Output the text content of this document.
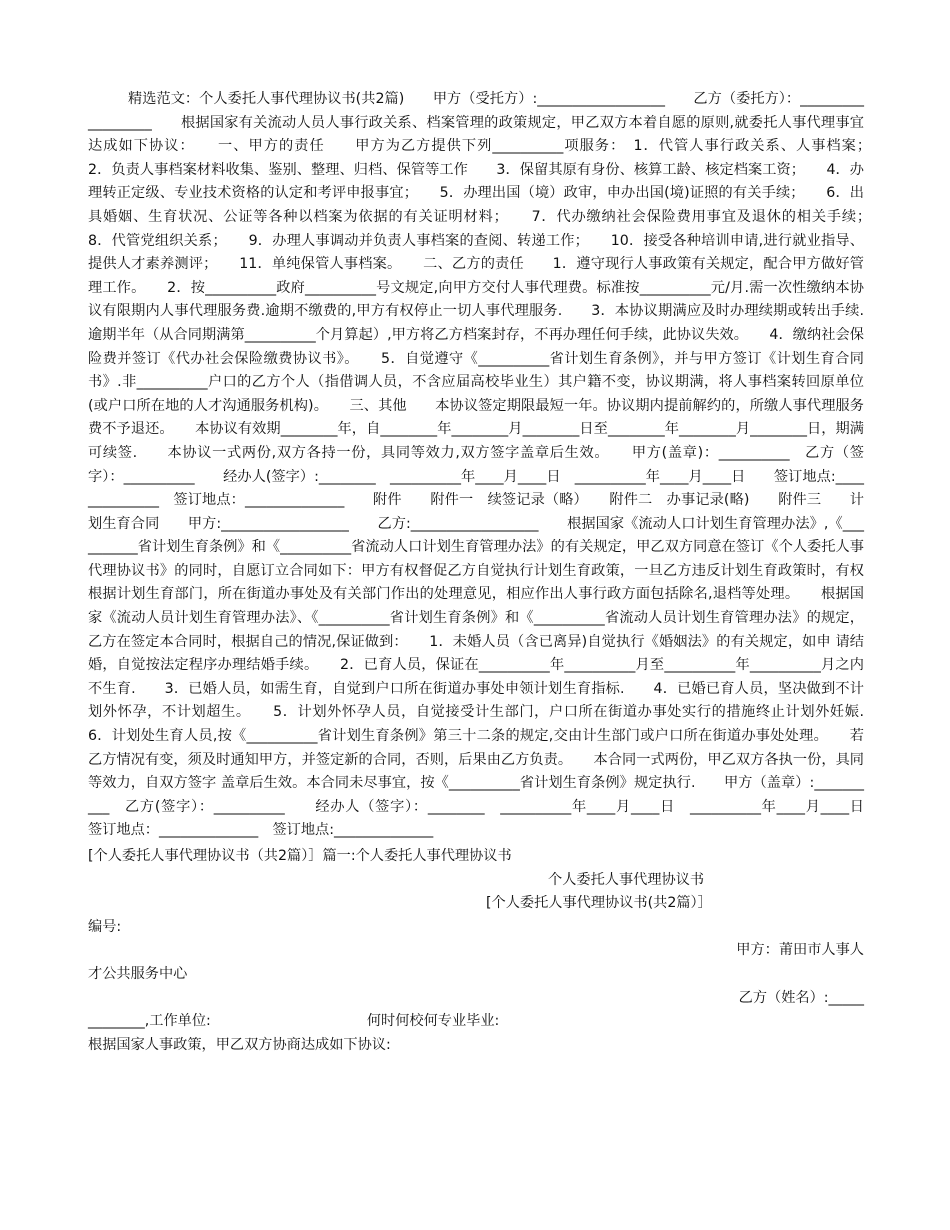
精选范文：个人委托人事代理协议书(共2篇)　　甲方（受托方）:__________________　　乙方（委托方）：__________________　　根据国家有关流动人员人事行政关系、档案管理的政策规定，甲乙双方本着自愿的原则,就委托人事代理事宜达成如下协议：　　一、甲方的责任　　甲方为乙方提供下列__________项服务：　1．代管人事行政关系、人事档案；　　2．负责人事档案材料收集、鉴别、整理、归档、保管等工作　　3．保留其原有身份、核算工龄、核定档案工资；　　4．办理转正定级、专业技术资格的认定和考评申报事宜；　　5．办理出国（境）政审，申办出国(境)证照的有关手续；　　6．出具婚姻、生育状况、公证等各种以档案为依据的有关证明材料；　　7．代办缴纳社会保险费用事宜及退休的相关手续；　　8．代管党组织关系；　　9．办理人事调动并负责人事档案的查阅、转递工作；　　10．接受各种培训申请,进行就业指导、提供人才素养测评；　　11．单纯保管人事档案。　　二、乙方的责任　　1．遵守现行人事政策有关规定，配合甲方做好管理工作。　　2．按__________政府__________号文规定,向甲方交付人事代理费。标准按__________元/月.需一次性缴纳本协议有限期内人事代理服务费.逾期不缴费的,甲方有权停止一切人事代理服务.　　3．本协议期满应及时办理续期或转出手续.逾期半年（从合同期满第__________个月算起）,甲方将乙方档案封存，不再办理任何手续，此协议失效。　　4．缴纳社会保险费并签订《代办社会保险缴费协议书》。　　5．自觉遵守《__________省计划生育条例》，并与甲方签订《计划生育合同书》.非__________户口的乙方个人（指借调人员，不含应届高校毕业生）其户籍不变，协议期满，将人事档案转回原单位(或户口所在地的人才沟通服务机构)。　　三、其他　　本协议签定期限最短一年。协议期内提前解约的，所缴人事代理服务费不予退还。　　本协议有效期________年，自________年________月________日至________年________月________日，期满可续签.　　本协议一式两份,双方各持一份，具同等效力,双方签字盖章后生效。　　甲方(盖章)：__________　乙方（签字）：__________　　经办人(签字）:________　__________年____月____日　__________年____月____日　　签订地点:______________　签订地点：______________　　附件　　附件一　续签记录（略）　　附件二　办事记录(略)　　附件三　　计划生育合同　　甲方:__________________　　乙方:__________________　　根据国家《流动人口计划生育管理办法》,《__________省计划生育条例》和《__________省流动人口计划生育管理办法》的有关规定，甲乙双方同意在签订《个人委托人事代理协议书》的同时，自愿订立合同如下：甲方有权督促乙方自觉执行计划生育政策，一旦乙方违反计划生育政策时，有权根据计划生育部门，所在街道办事处及有关部门作出的处理意见，相应作出人事行政方面包括除名,退档等处理。　　根据国家《流动人员计划生育管理办法》、《__________省计划生育条例》和《__________省流动人员计划生育管理办法》的规定，乙方在签定本合同时，根据自己的情况,保证做到：　　1．未婚人员（含已离异)自觉执行《婚姻法》的有关规定，如申 请结婚，自觉按法定程序办理结婚手续。　　2．已育人员，保证在__________年__________月至__________年__________月之内不生育.　　3．已婚人员，如需生育，自觉到户口所在街道办事处申领计划生育指标.　　4．已婚已育人员，坚决做到不计划外怀孕，不计划超生。　　5．计划外怀孕人员，自觉接受计生部门，户口所在街道办事处实行的措施终止计划外妊娠.　　6．计划处生育人员,按《__________省计划生育条例》第三十二条的规定,交由计生部门或户口所在街道办事处处理。　　若乙方情况有变，须及时通知甲方，并签定新的合同，否则，后果由乙方负责。　　本合同一式两份，甲乙双方各执一份，具同等效力，自双方签字 盖章后生效。本合同未尽事宜，按《__________省计划生育条例》规定执行.　　甲方（盖章）:__________　乙方(签字）：__________　　经办人（签字）：________　__________年____月____日　__________年____月____日　　签订地点：______________　签订地点:______________

[个人委托人事代理协议书（共2篇）］篇一:个人委托人事代理协议书

个人委托人事代理协议书

[个人委托人事代理协议书(共2篇）］

编号:

甲方：莆田市人事人

才公共服务中心

乙方（姓名）:_____

________,工作单位:　　　　　　　　　　　何时何校何专业毕业:

根据国家人事政策，甲乙双方协商达成如下协议:
